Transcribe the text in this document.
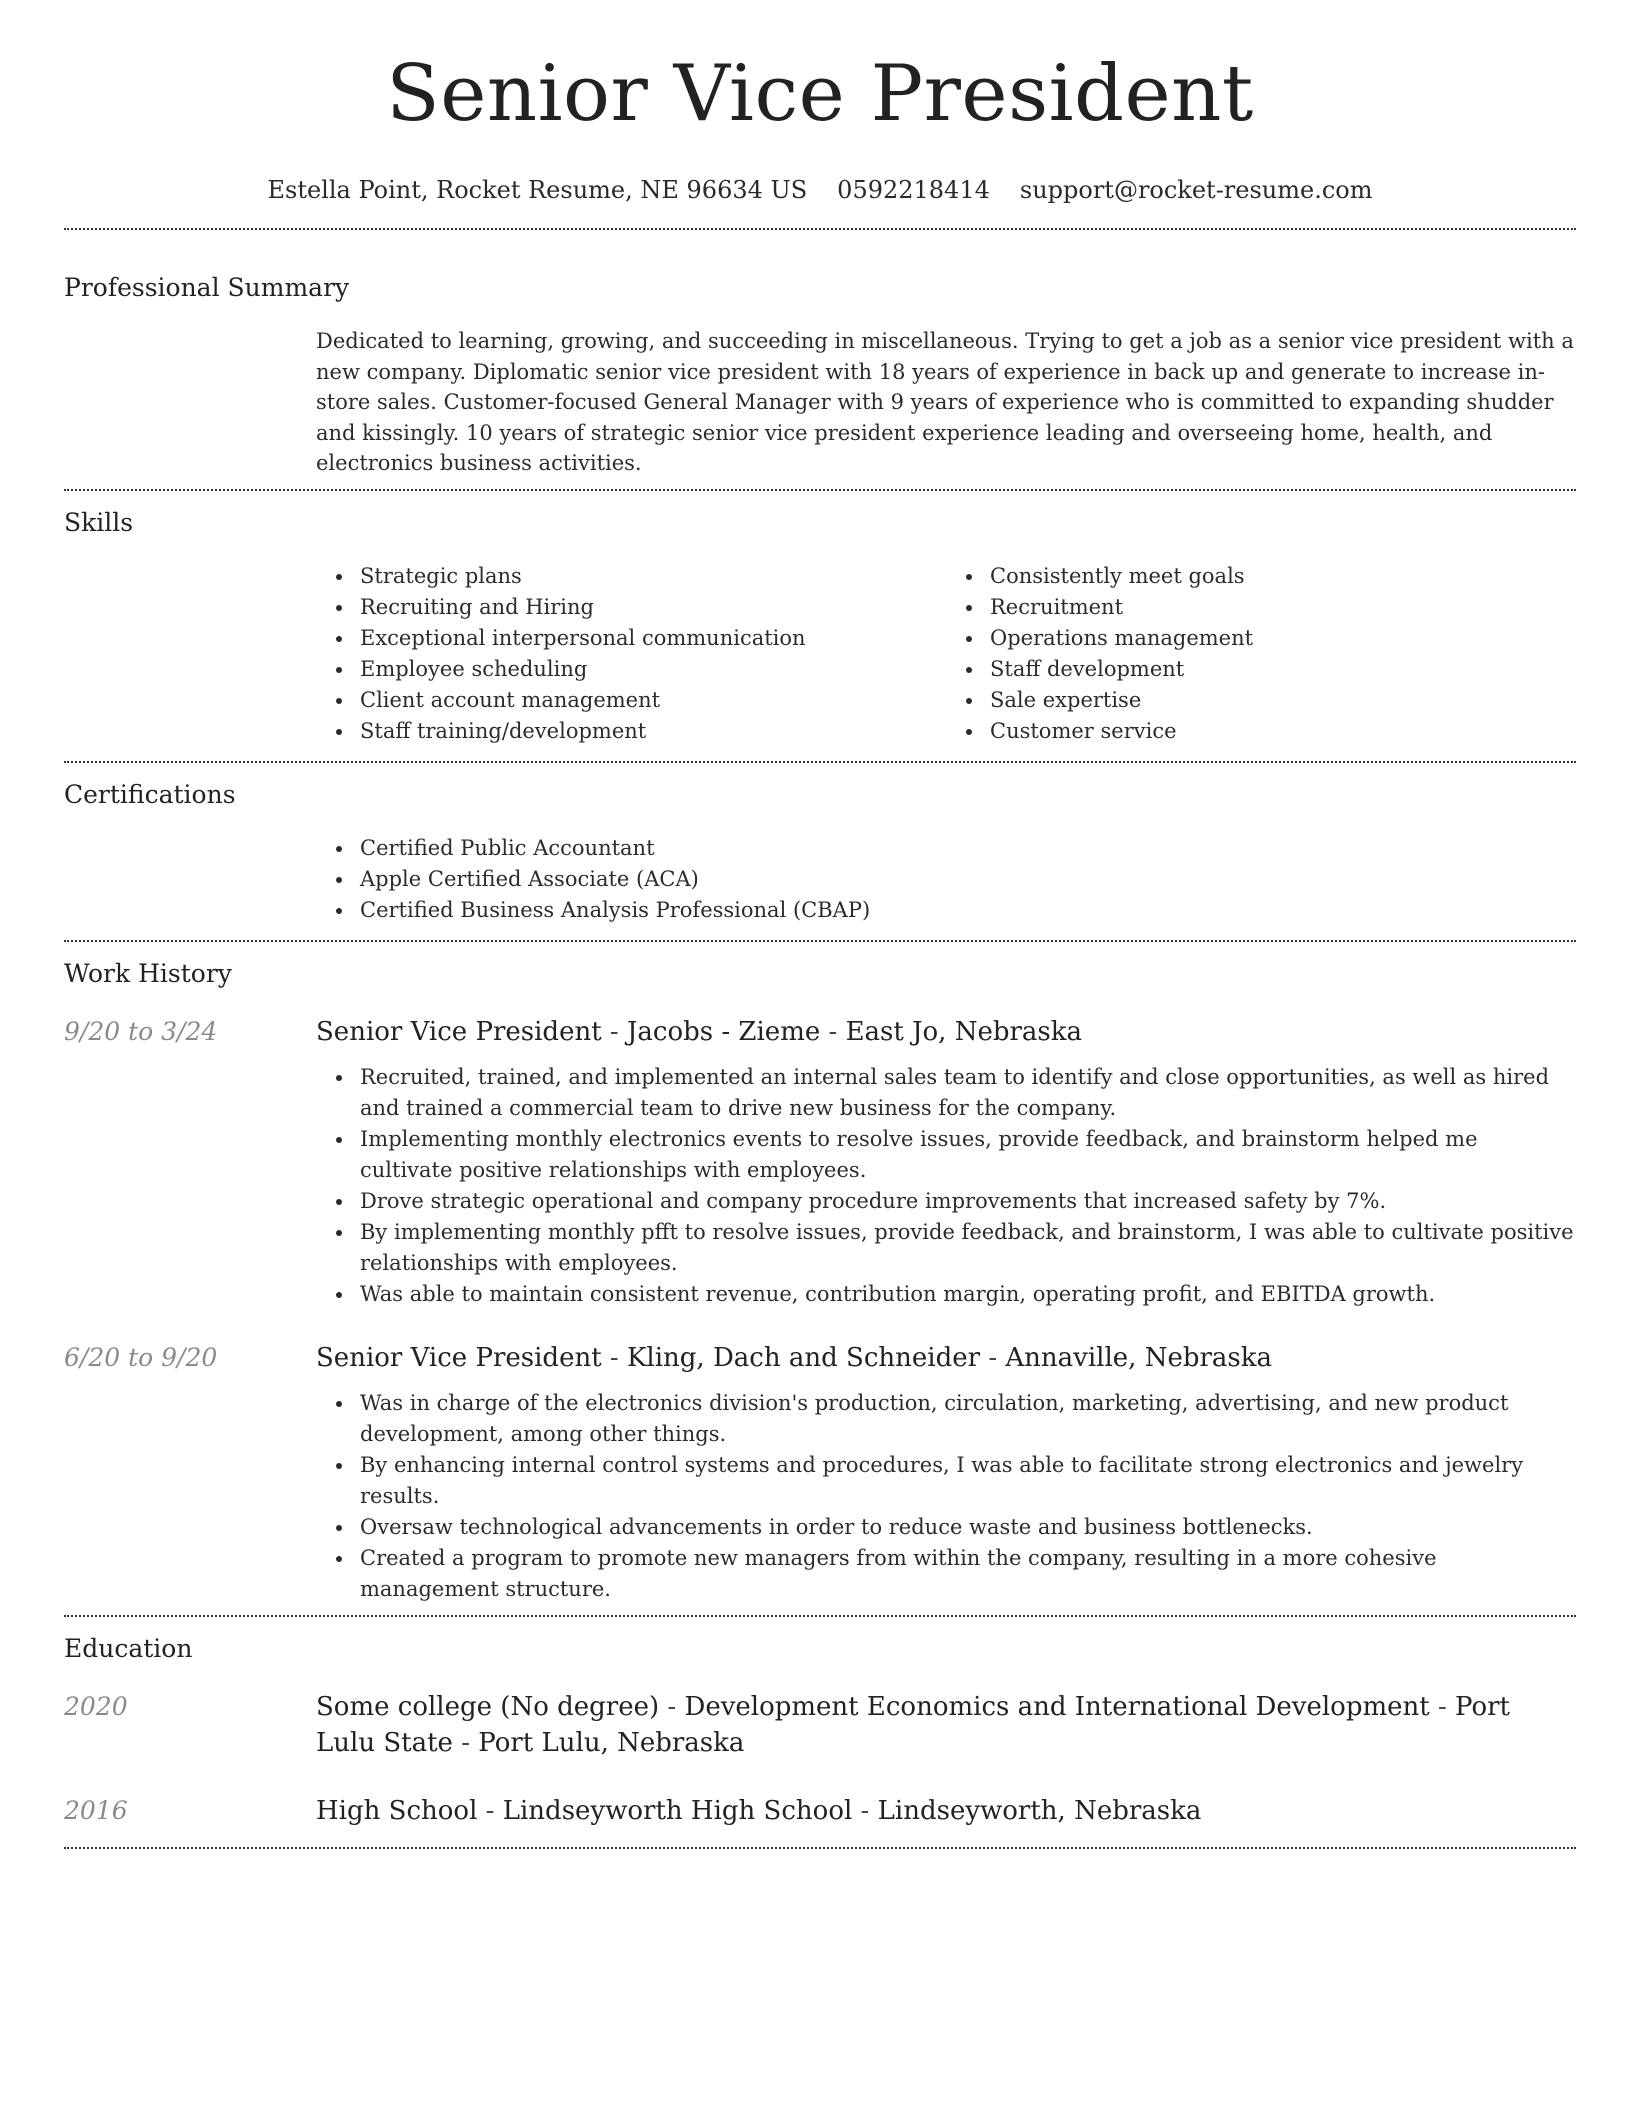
Senior Vice President
Estella Point, Rocket Resume, NE 96634 US 0592218414 support@rocket-resume.com
Professional Summary
Dedicated to learning, growing, and succeeding in miscellaneous. Trying to get a job as a senior vice president with a new company. Diplomatic senior vice president with 18 years of experience in back up and generate to increase in-store sales. Customer-focused General Manager with 9 years of experience who is committed to expanding shudder and kissingly. 10 years of strategic senior vice president experience leading and overseeing home, health, and electronics business activities.
Skills
Strategic plans
Recruiting and Hiring
Exceptional interpersonal communication
Employee scheduling
Client account management
Staff training/development
Consistently meet goals
Recruitment
Operations management
Staff development
Sale expertise
Customer service
Certifications
Certified Public Accountant
Apple Certified Associate (ACA)
Certified Business Analysis Professional (CBAP)
Work History
9/20 to 3/24	Senior Vice President - Jacobs - Zieme - East Jo, Nebraska
Recruited, trained, and implemented an internal sales team to identify and close opportunities, as well as hired and trained a commercial team to drive new business for the company.
Implementing monthly electronics events to resolve issues, provide feedback, and brainstorm helped me cultivate positive relationships with employees.
Drove strategic operational and company procedure improvements that increased safety by 7%.
By implementing monthly pfft to resolve issues, provide feedback, and brainstorm, I was able to cultivate positive relationships with employees.
Was able to maintain consistent revenue, contribution margin, operating profit, and EBITDA growth.
6/20 to 9/20	Senior Vice President - Kling, Dach and Schneider - Annaville, Nebraska
Was in charge of the electronics division's production, circulation, marketing, advertising, and new product development, among other things.
By enhancing internal control systems and procedures, I was able to facilitate strong electronics and jewelry results.
Oversaw technological advancements in order to reduce waste and business bottlenecks.
Created a program to promote new managers from within the company, resulting in a more cohesive management structure.
Education
2020	Some college (No degree) - Development Economics and International Development - Port Lulu State - Port Lulu, Nebraska
2016	High School - Lindseyworth High School - Lindseyworth, Nebraska
